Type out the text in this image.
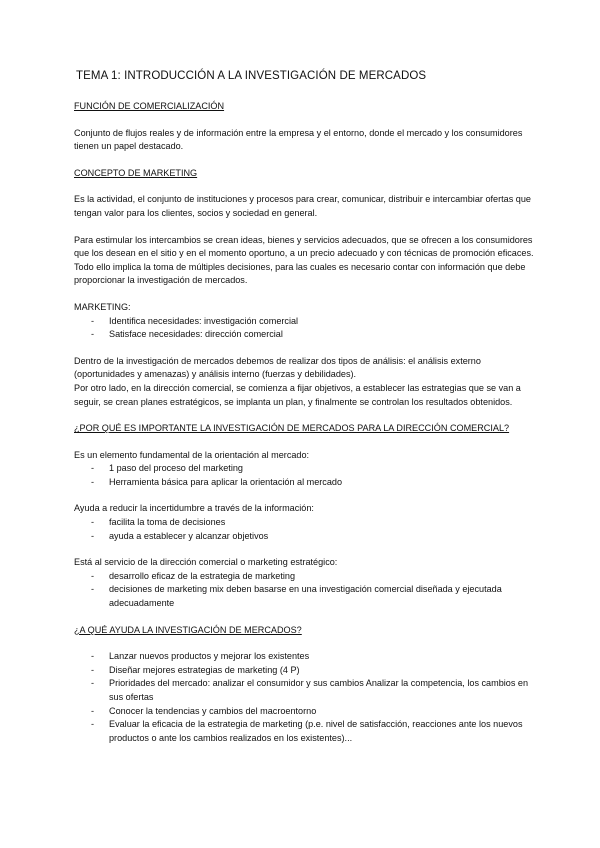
TEMA 1: INTRODUCCIÓN A LA INVESTIGACIÓN DE MERCADOS

FUNCIÓN DE COMERCIALIZACIÓN

Conjunto de flujos reales y de información entre la empresa y el entorno, donde el mercado y los consumidores tienen un papel destacado.

CONCEPTO DE MARKETING

Es la actividad, el conjunto de instituciones y procesos para crear, comunicar, distribuir e intercambiar ofertas que tengan valor para los clientes, socios y sociedad en general.

Para estimular los intercambios se crean ideas, bienes y servicios adecuados, que se ofrecen a los consumidores que los desean en el sitio y en el momento oportuno, a un precio adecuado y con técnicas de promoción eficaces. Todo ello implica la toma de múltiples decisiones, para las cuales es necesario contar con información que debe proporcionar la investigación de mercados.

MARKETING:

- Identifica necesidades: investigación comercial
- Satisface necesidades: dirección comercial

Dentro de la investigación de mercados debemos de realizar dos tipos de análisis: el análisis externo (oportunidades y amenazas) y análisis interno (fuerzas y debilidades).

Por otro lado, en la dirección comercial, se comienza a fijar objetivos, a establecer las estrategias que se van a seguir, se crean planes estratégicos, se implanta un plan, y finalmente se controlan los resultados obtenidos.

¿POR QUÉ ES IMPORTANTE LA INVESTIGACIÓN DE MERCADOS PARA LA DIRECCIÓN COMERCIAL?

Es un elemento fundamental de la orientación al mercado:

- 1 paso del proceso del marketing
- Herramienta básica para aplicar la orientación al mercado

Ayuda a reducir la incertidumbre a través de la información:

- facilita la toma de decisiones
- ayuda a establecer y alcanzar objetivos

Está al servicio de la dirección comercial o marketing estratégico:

- desarrollo eficaz de la estrategia de marketing
- decisiones de marketing mix deben basarse en una investigación comercial diseñada y ejecutada adecuadamente

¿A QUÉ AYUDA LA INVESTIGACIÓN DE MERCADOS?

- Lanzar nuevos productos y mejorar los existentes
- Diseñar mejores estrategias de marketing (4 P)
- Prioridades del mercado: analizar el consumidor y sus cambios Analizar la competencia, los cambios en sus ofertas
- Conocer la tendencias y cambios del macroentorno
- Evaluar la eficacia de la estrategia de marketing (p.e. nivel de satisfacción, reacciones ante los nuevos productos o ante los cambios realizados en los existentes)...
